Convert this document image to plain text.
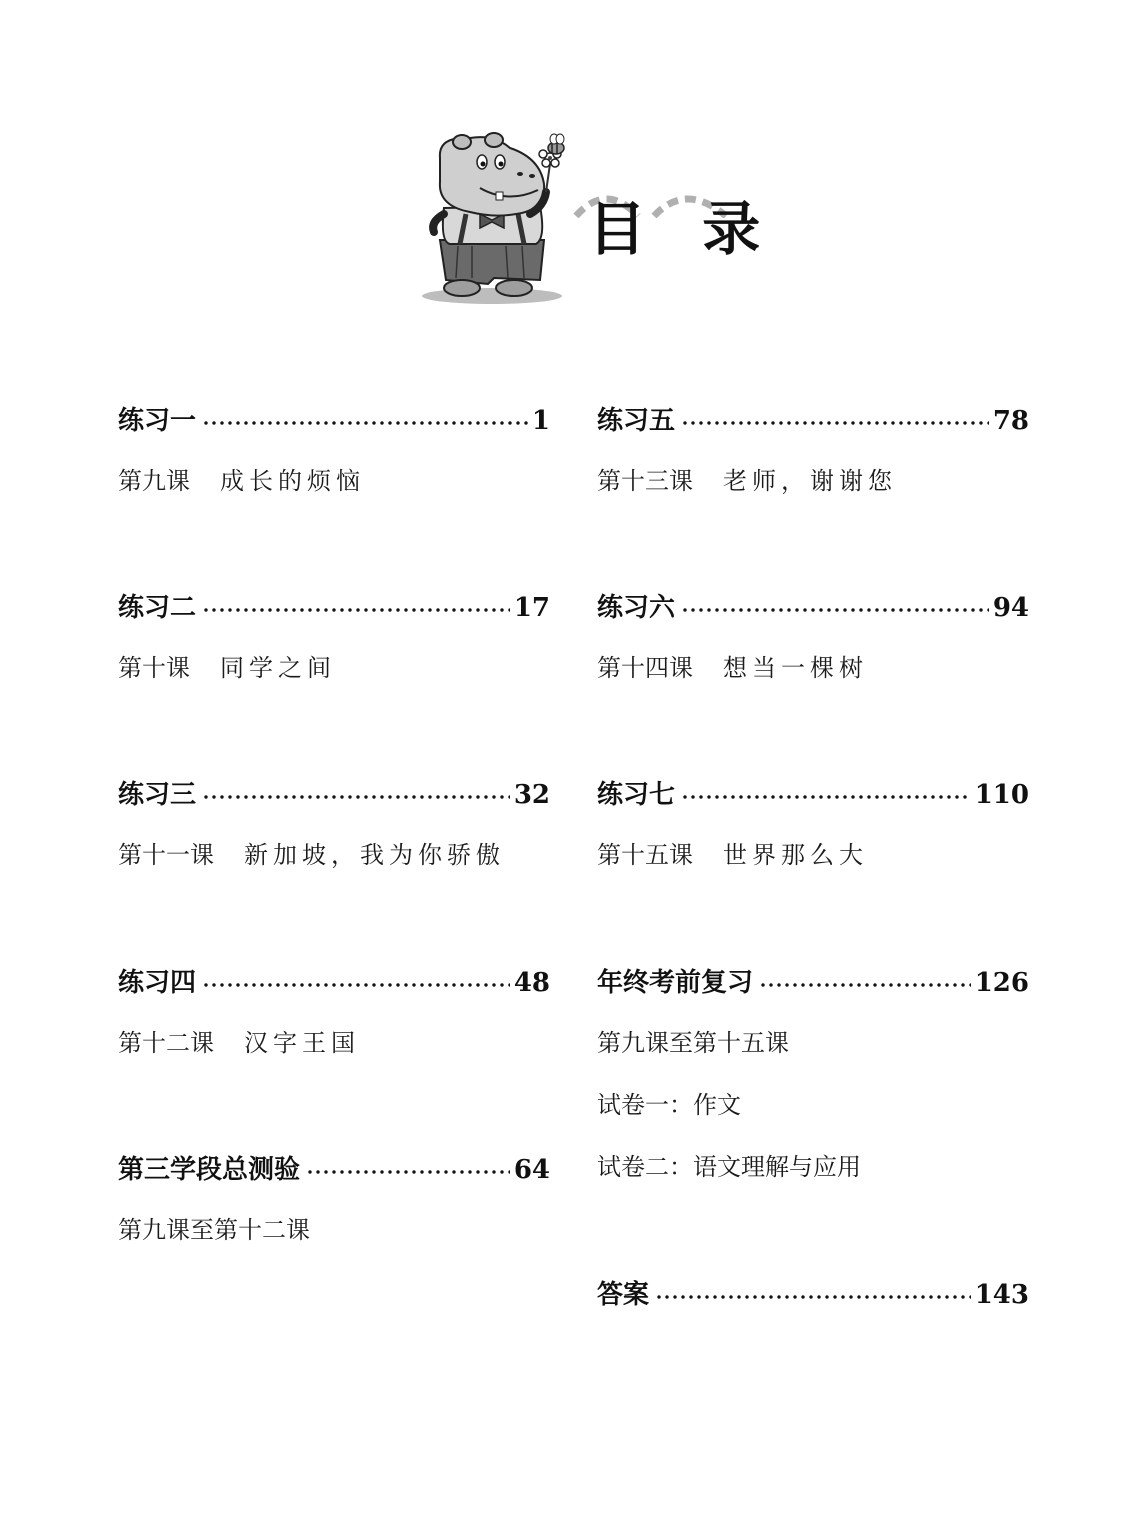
目 录
练习一	1
第九课 成长的烦恼
练习二	17
第十课 同学之间
练习三	32
第十一课 新加坡，我为你骄傲
练习四	48
第十二课 汉字王国
第三学段总测验	64
第九课至第十二课
练习五	78
第十三课 老师，谢谢您
练习六	94
第十四课 想当一棵树
练习七	110
第十五课 世界那么大
年终考前复习	126
第九课至第十五课
试卷一：作文
试卷二：语文理解与应用
答案	143
